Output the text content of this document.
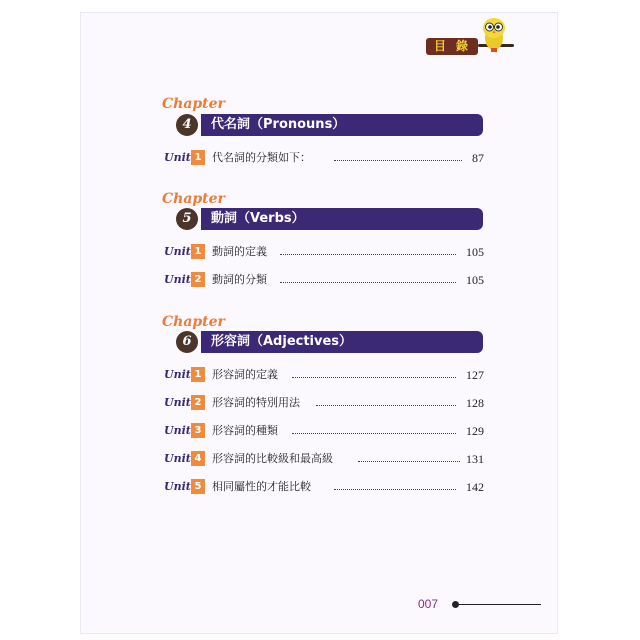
目 錄
Chapter
4	代名詞（Pronouns）
Unit 1 代名詞的分類如下：	87
Chapter
5	動詞（Verbs）
Unit 1 動詞的定義	105
Unit 2 動詞的分類	105
Chapter
6	形容詞（Adjectives）
Unit 1 形容詞的定義	127
Unit 2 形容詞的特別用法	128
Unit 3 形容詞的種類	129
Unit 4 形容詞的比較級和最高級	131
Unit 5 相同屬性的才能比較	142
007
